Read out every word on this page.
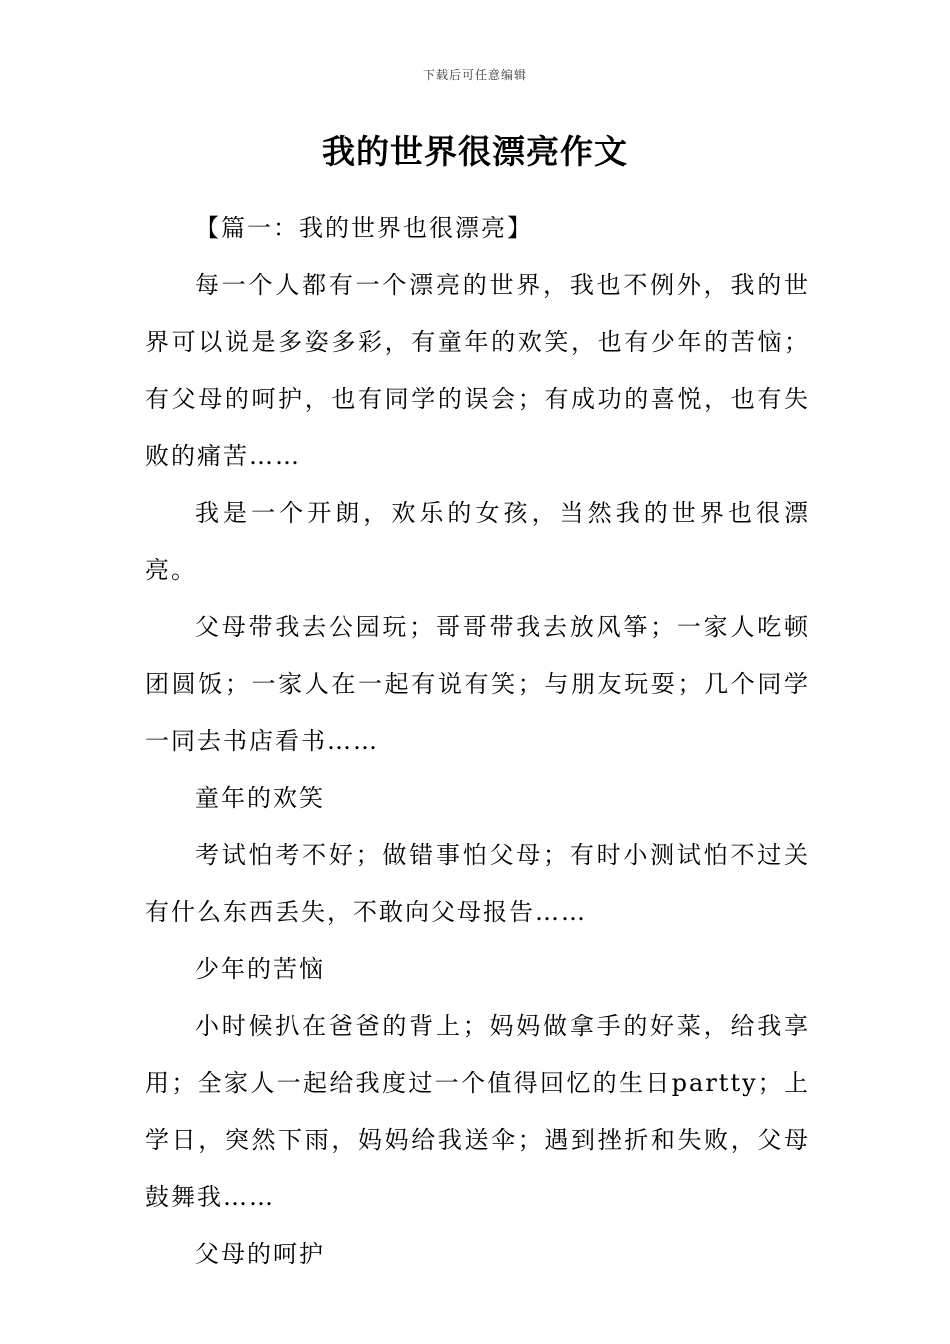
下载后可任意编辑
我的世界很漂亮作文

【篇一：我的世界也很漂亮】

每一个人都有一个漂亮的世界，我也不例外，我的世界可以说是多姿多彩，有童年的欢笑，也有少年的苦恼；有父母的呵护，也有同学的误会；有成功的喜悦，也有失败的痛苦……

我是一个开朗，欢乐的女孩，当然我的世界也很漂亮。

父母带我去公园玩；哥哥带我去放风筝；一家人吃顿团圆饭；一家人在一起有说有笑；与朋友玩耍；几个同学一同去书店看书……

童年的欢笑

考试怕考不好；做错事怕父母；有时小测试怕不过关有什么东西丢失，不敢向父母报告……

少年的苦恼

小时候扒在爸爸的背上；妈妈做拿手的好菜，给我享用；全家人一起给我度过一个值得回忆的生日partty；上学日，突然下雨，妈妈给我送伞；遇到挫折和失败，父母鼓舞我……

父母的呵护
